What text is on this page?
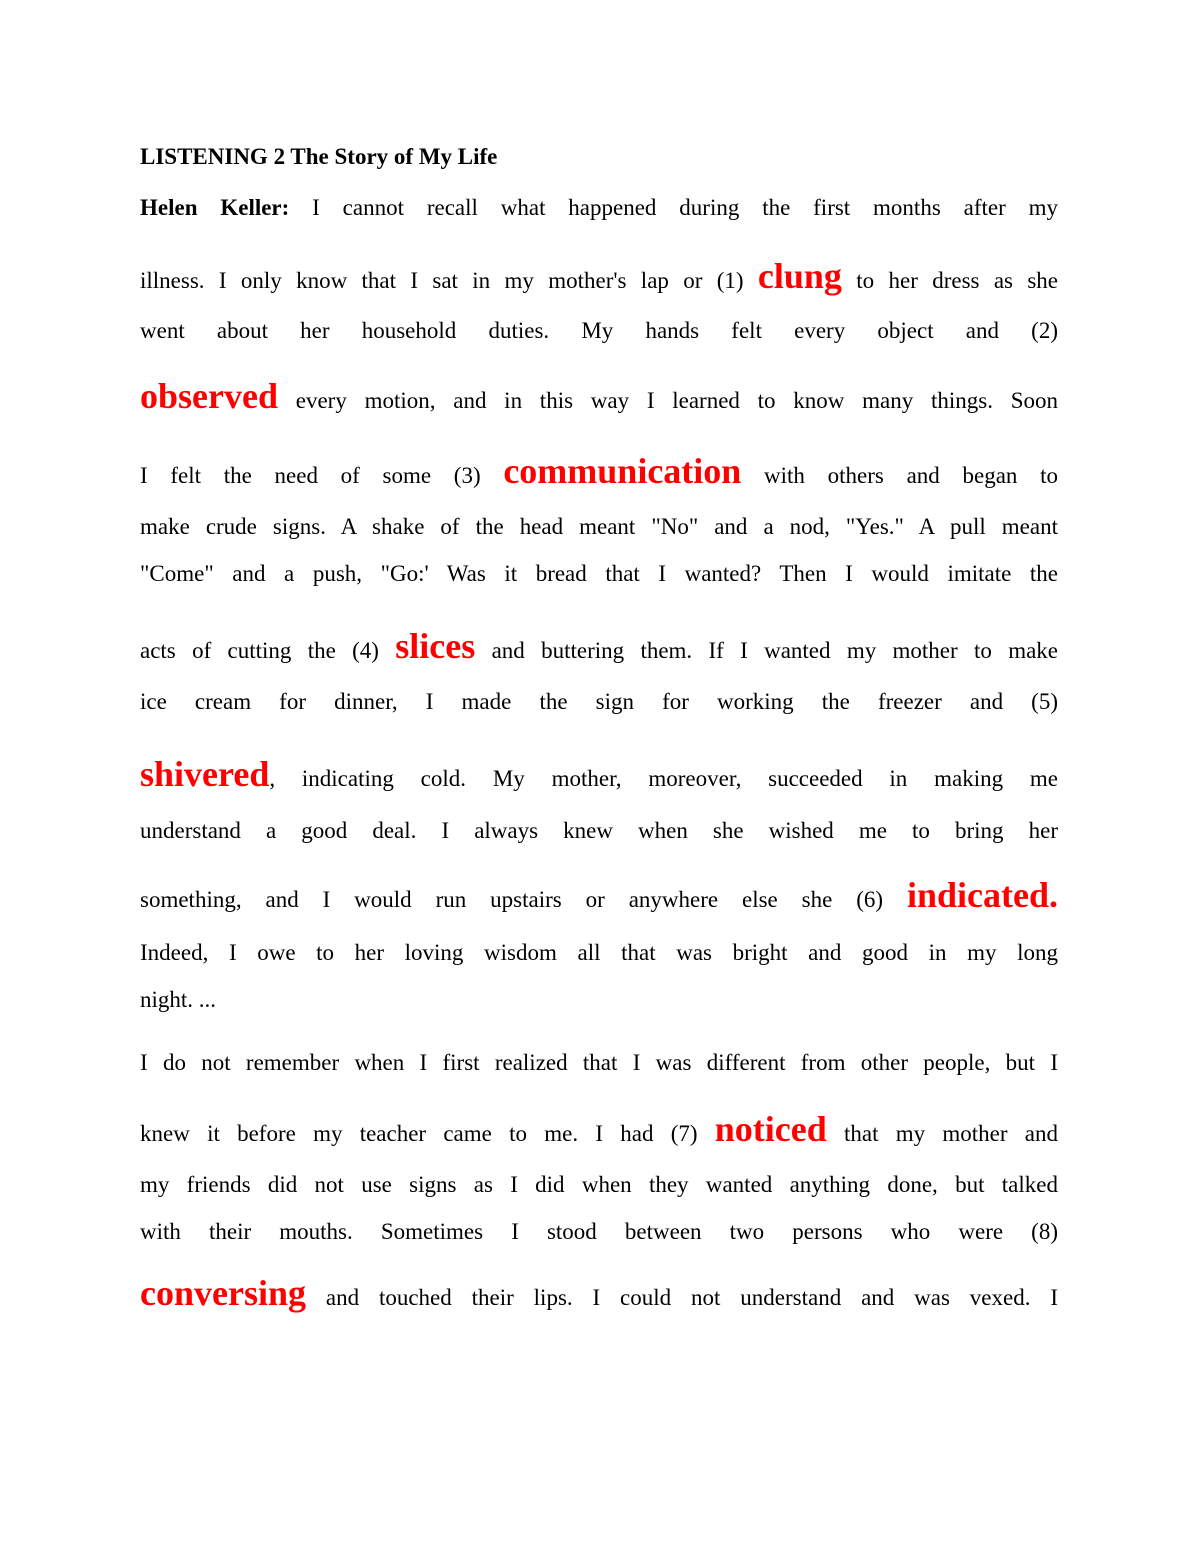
LISTENING 2 The Story of My Life
Helen Keller: I cannot recall what happened during the first months after my
illness. I only know that I sat in my mother's lap or (1) clung to her dress as she
went about her household duties. My hands felt every object and (2)
observed every motion, and in this way I learned to know many things. Soon
I felt the need of some (3) communication with others and began to
make crude signs. A shake of the head meant "No" and a nod, "Yes." A pull meant
"Come" and a push, "Go:' Was it bread that I wanted? Then I would imitate the
acts of cutting the (4) slices and buttering them. If I wanted my mother to make
ice cream for dinner, I made the sign for working the freezer and (5)
shivered, indicating cold. My mother, moreover, succeeded in making me
understand a good deal. I always knew when she wished me to bring her
something, and I would run upstairs or anywhere else she (6) indicated.
Indeed, I owe to her loving wisdom all that was bright and good in my long
night. ...
I do not remember when I first realized that I was different from other people, but I
knew it before my teacher came to me. I had (7) noticed that my mother and
my friends did not use signs as I did when they wanted anything done, but talked
with their mouths. Sometimes I stood between two persons who were (8)
conversing and touched their lips. I could not understand and was vexed. I
